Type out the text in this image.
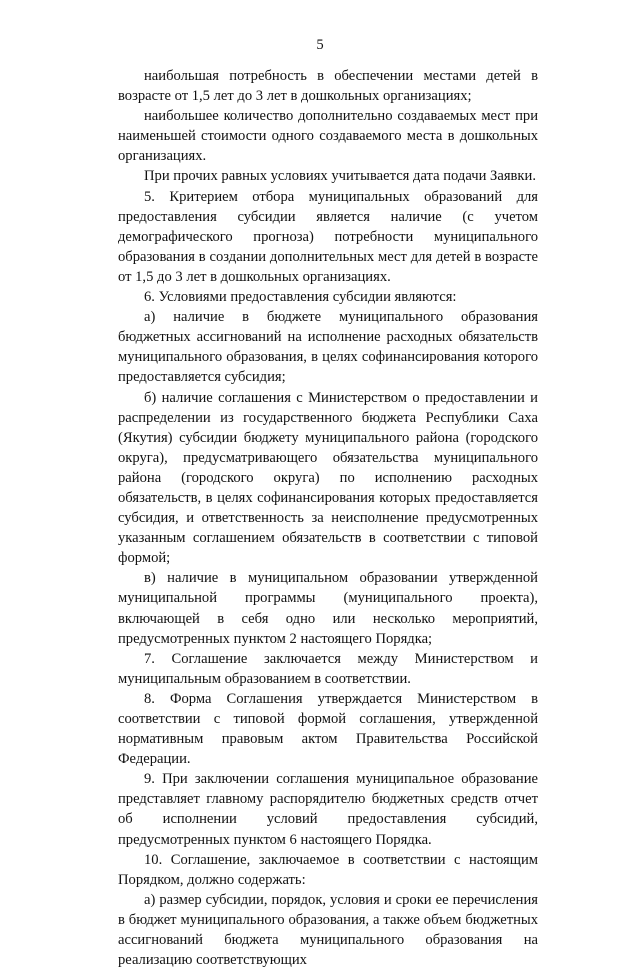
5

наибольшая потребность в обеспечении местами детей в возрасте от 1,5 лет до 3 лет в дошкольных организациях;

наибольшее количество дополнительно создаваемых мест при наименьшей стоимости одного создаваемого места в дошкольных организациях.

При прочих равных условиях учитывается дата подачи Заявки.

5. Критерием отбора муниципальных образований для предоставления субсидии является наличие (с учетом демографического прогноза) потребности муниципального образования в создании дополнительных мест для детей в возрасте от 1,5 до 3 лет в дошкольных организациях.

6. Условиями предоставления субсидии являются:

а) наличие в бюджете муниципального образования бюджетных ассигнований на исполнение расходных обязательств муниципального образования, в целях софинансирования которого предоставляется субсидия;

б) наличие соглашения с Министерством о предоставлении и распределении из государственного бюджета Республики Саха (Якутия) субсидии бюджету муниципального района (городского округа), предусматривающего обязательства муниципального района (городского округа) по исполнению расходных обязательств, в целях софинансирования которых предоставляется субсидия, и ответственность за неисполнение предусмотренных указанным соглашением обязательств в соответствии с типовой формой;

в) наличие в муниципальном образовании утвержденной муниципальной программы (муниципального проекта), включающей в себя одно или несколько мероприятий, предусмотренных пунктом 2 настоящего Порядка;

7. Соглашение заключается между Министерством и муниципальным образованием в соответствии.

8. Форма Соглашения утверждается Министерством в соответствии с типовой формой соглашения, утвержденной нормативным правовым актом Правительства Российской Федерации.

9. При заключении соглашения муниципальное образование представляет главному распорядителю бюджетных средств отчет об исполнении условий предоставления субсидий, предусмотренных пунктом 6 настоящего Порядка.

10. Соглашение, заключаемое в соответствии с настоящим Порядком, должно содержать:

а) размер субсидии, порядок, условия и сроки ее перечисления в бюджет муниципального образования, а также объем бюджетных ассигнований бюджета муниципального образования на реализацию соответствующих
